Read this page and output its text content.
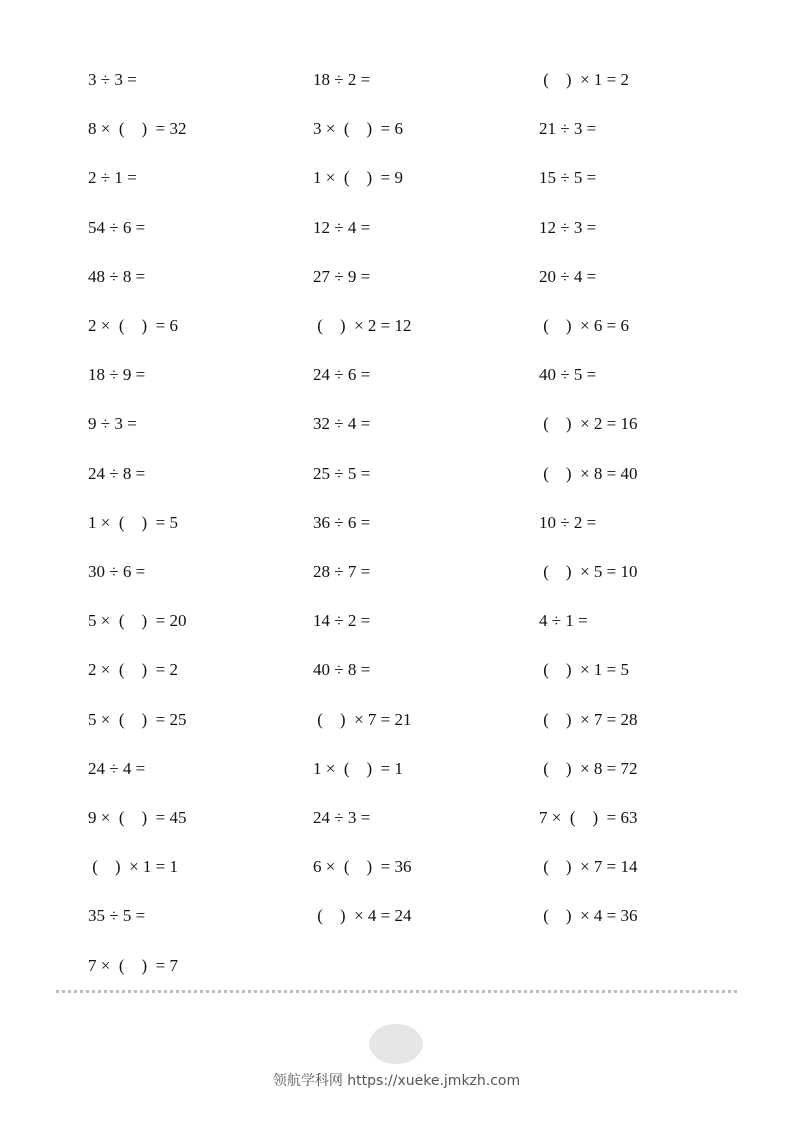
3 ÷ 3 =
8 ×  (    )  = 32
2 ÷ 1 =
54 ÷ 6 =
48 ÷ 8 =
2 ×  (    )  = 6
18 ÷ 9 =
9 ÷ 3 =
24 ÷ 8 =
1 ×  (    )  = 5
30 ÷ 6 =
5 ×  (    )  = 20
2 ×  (    )  = 2
5 ×  (    )  = 25
24 ÷ 4 =
9 ×  (    )  = 45
(    )  × 1 = 1
35 ÷ 5 =
7 ×  (    )  = 7
18 ÷ 2 =
3 ×  (    )  = 6
1 ×  (    )  = 9
12 ÷ 4 =
27 ÷ 9 =
(    )  × 2 = 12
24 ÷ 6 =
32 ÷ 4 =
25 ÷ 5 =
36 ÷ 6 =
28 ÷ 7 =
14 ÷ 2 =
40 ÷ 8 =
(    )  × 7 = 21
1 ×  (    )  = 1
24 ÷ 3 =
6 ×  (    )  = 36
(    )  × 4 = 24
(    )  × 1 = 2
21 ÷ 3 =
15 ÷ 5 =
12 ÷ 3 =
20 ÷ 4 =
(    )  × 6 = 6
40 ÷ 5 =
(    )  × 2 = 16
(    )  × 8 = 40
10 ÷ 2 =
(    )  × 5 = 10
4 ÷ 1 =
(    )  × 1 = 5
(    )  × 7 = 28
(    )  × 8 = 72
7 ×  (    )  = 63
(    )  × 7 = 14
(    )  × 4 = 36
领航学科网 https://xueke.jmkzh.com
